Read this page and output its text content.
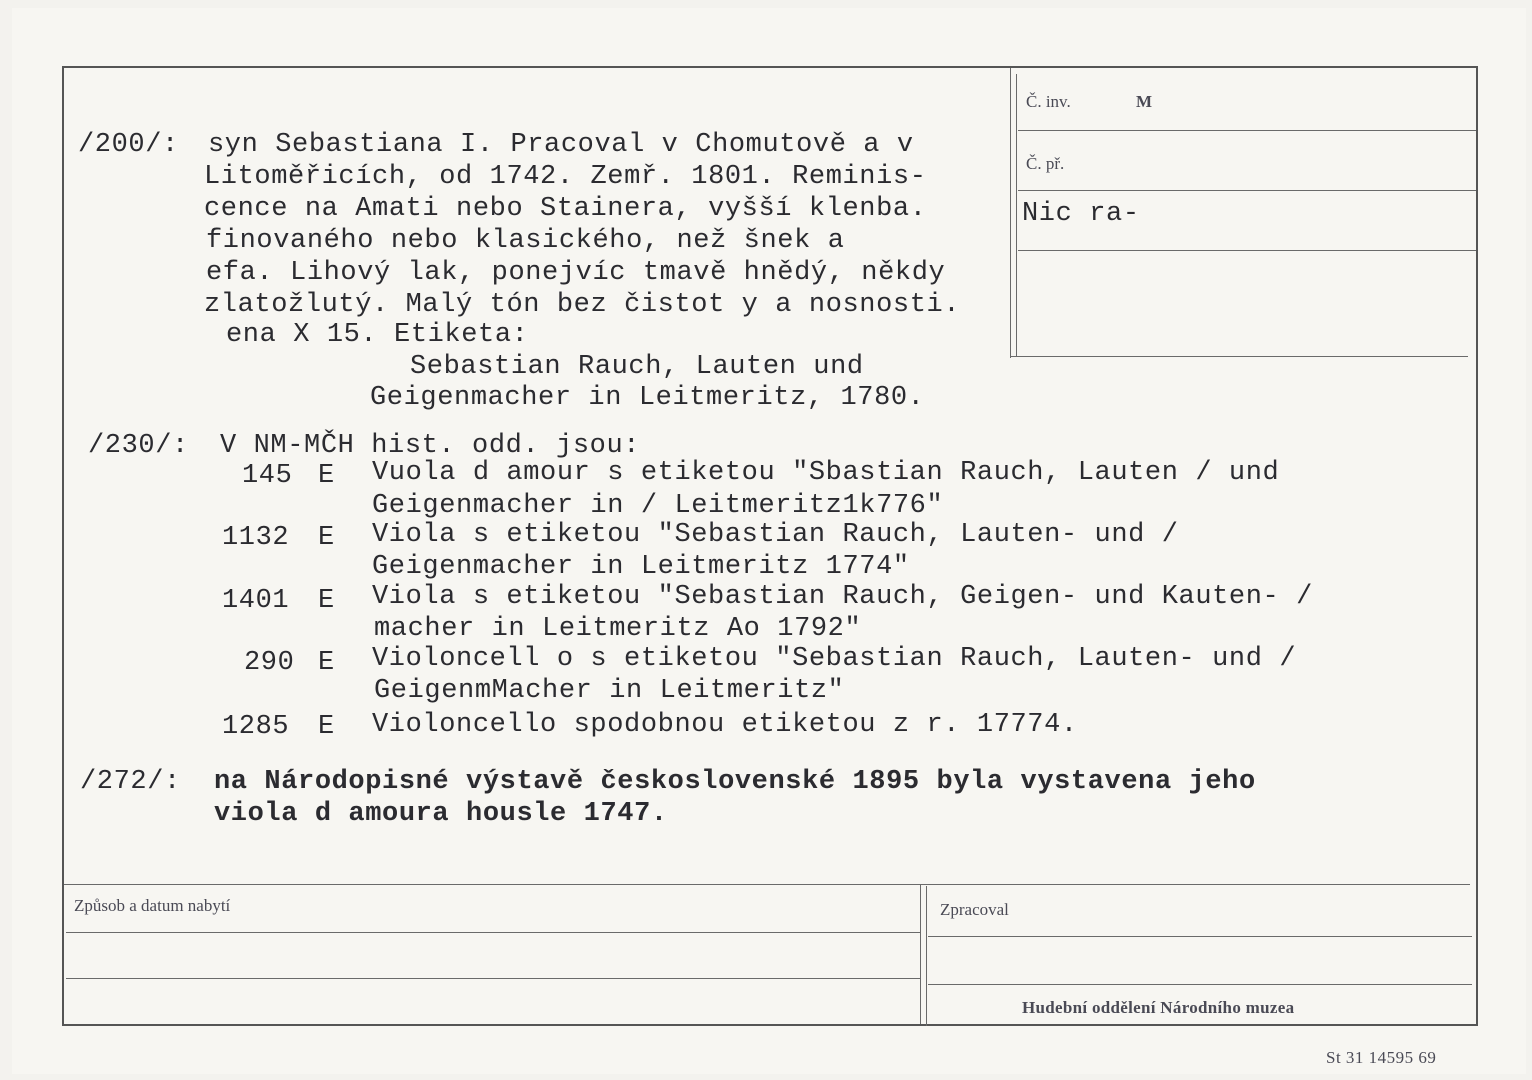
Č. inv.	M
Č. př.
Nic ra-
/200/: syn Sebastiana I. Pracoval v Chomutově a v
Litoměřicích, od 1742. Zemř. 1801. Reminis-
cence na Amati nebo Stainera, vyšší klenba.
finovaného nebo klasického, než šnek a
efa. Lihový lak, ponejvíc tmavě hnědý, někdy
zlatožlutý. Malý tón bez čistot y a nosnosti.
ena X 15. Etiketa:
Sebastian Rauch, Lauten und
Geigenmacher in Leitmeritz, 1780.
/230/: V NM-MČH hist. odd. jsou:
145 E Vuola d amour s etiketou "Sbastian Rauch, Lauten / und
Geigenmacher in / Leitmeritz1k776"
1132 E Viola s etiketou "Sebastian Rauch, Lauten- und /
Geigenmacher in Leitmeritz 1774"
1401 E Viola s etiketou "Sebastian Rauch, Geigen- und Kauten- /
macher in Leitmeritz Ao 1792"
290 E Violoncell o s etiketou "Sebastian Rauch, Lauten- und /
GeigenmMacher in Leitmeritz"
1285 E Violoncello spodobnou etiketou z r. 17774.
/272/: na Národopisné výstavě československé 1895 byla vystavena jeho
viola d amoura housle 1747.
Způsob a datum nabytí	Zpracoval
Hudební oddělení Národního muzea
St 31 14595 69
